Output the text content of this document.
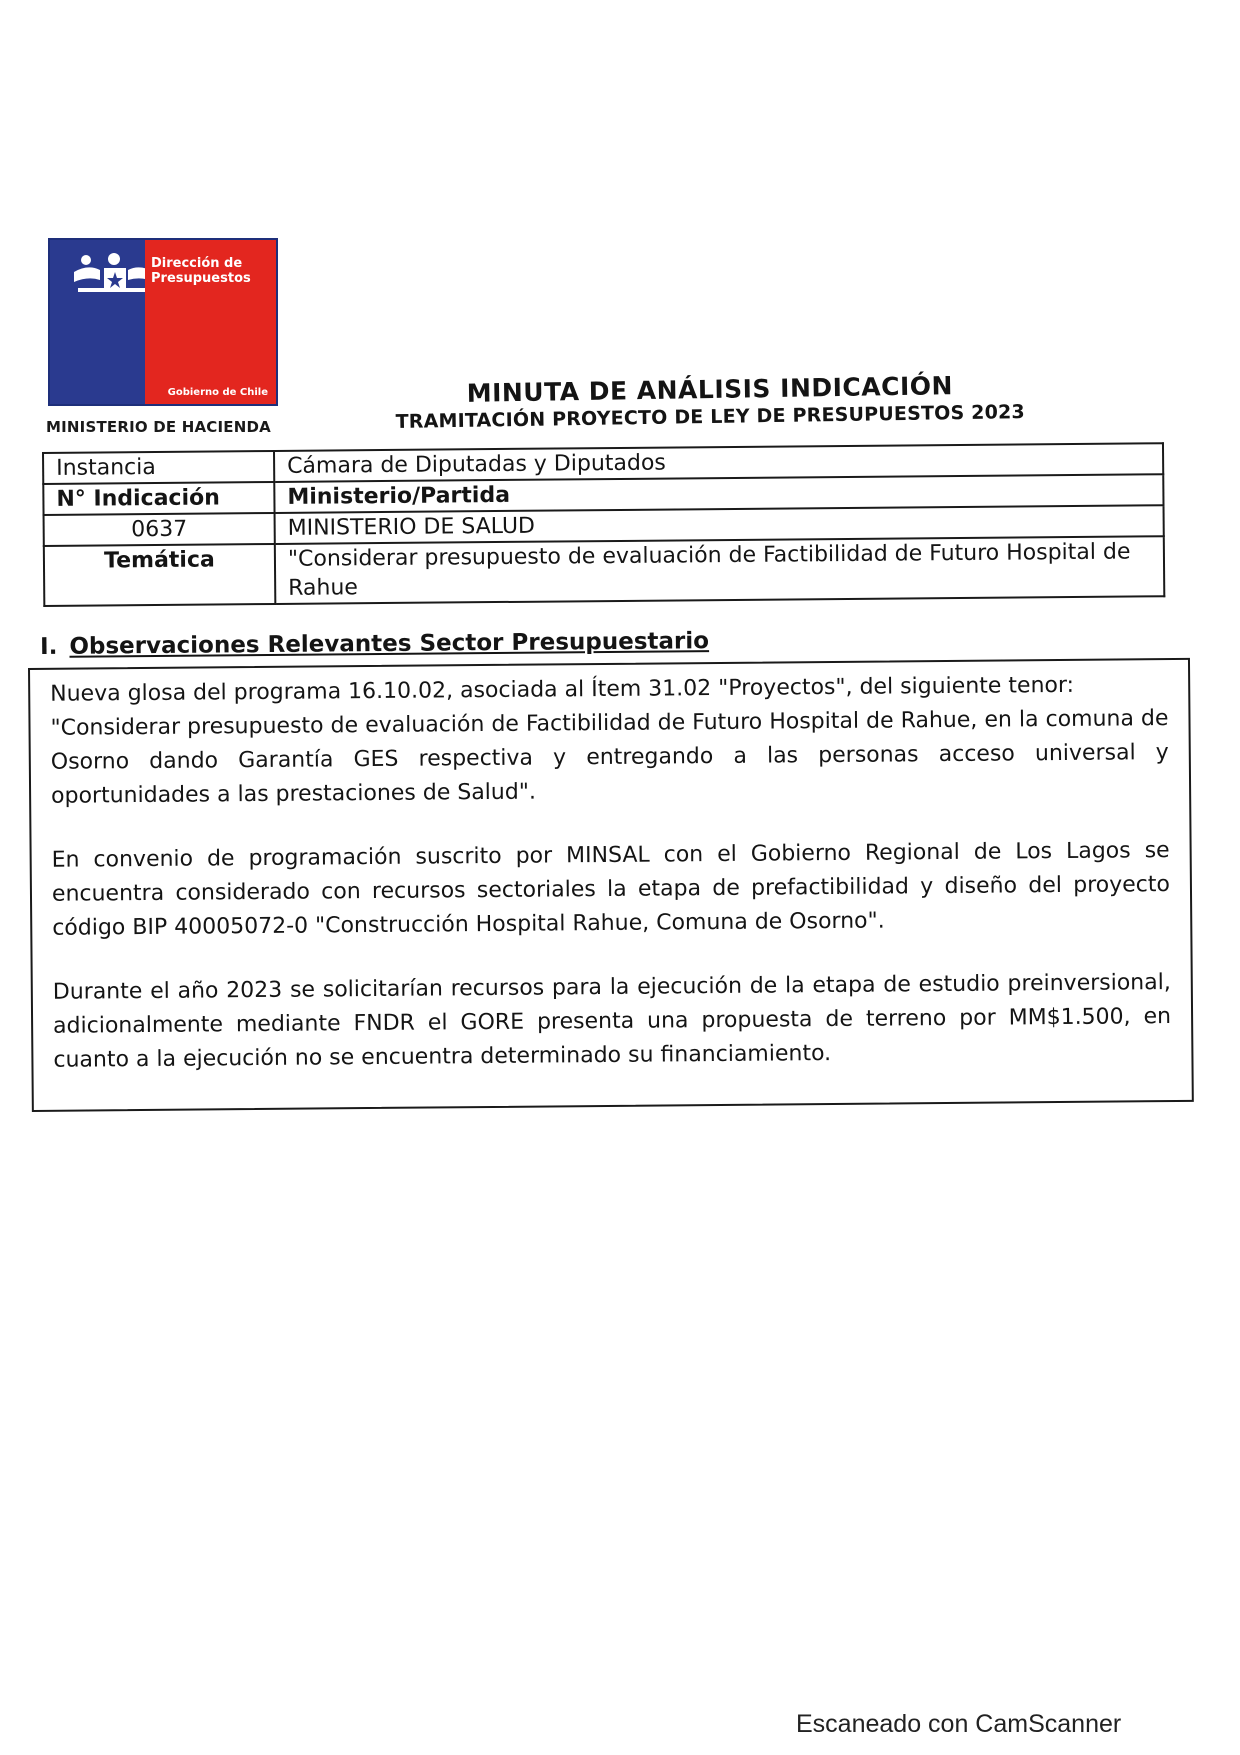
Dirección de
Presupuestos
Gobierno de Chile
MINISTERIO DE HACIENDA
MINUTA DE ANÁLISIS INDICACIÓN
TRAMITACIÓN PROYECTO DE LEY DE PRESUPUESTOS 2023
Instancia	Cámara de Diputadas y Diputados
N° Indicación	Ministerio/Partida
0637	MINISTERIO DE SALUD
Temática	"Considerar presupuesto de evaluación de Factibilidad de Futuro Hospital de Rahue
I. Observaciones Relevantes Sector Presupuestario

Nueva glosa del programa 16.10.02, asociada al Ítem 31.02 "Proyectos", del siguiente tenor:

"Considerar presupuesto de evaluación de Factibilidad de Futuro Hospital de Rahue, en la comuna de Osorno dando Garantía GES respectiva y entregando a las personas acceso universal y oportunidades a las prestaciones de Salud".

En convenio de programación suscrito por MINSAL con el Gobierno Regional de Los Lagos se encuentra considerado con recursos sectoriales la etapa de prefactibilidad y diseño del proyecto código BIP 40005072-0 "Construcción Hospital Rahue, Comuna de Osorno".

Durante el año 2023 se solicitarían recursos para la ejecución de la etapa de estudio preinversional, adicionalmente mediante FNDR el GORE presenta una propuesta de terreno por MM$1.500, en cuanto a la ejecución no se encuentra determinado su financiamiento.

Escaneado con CamScanner
